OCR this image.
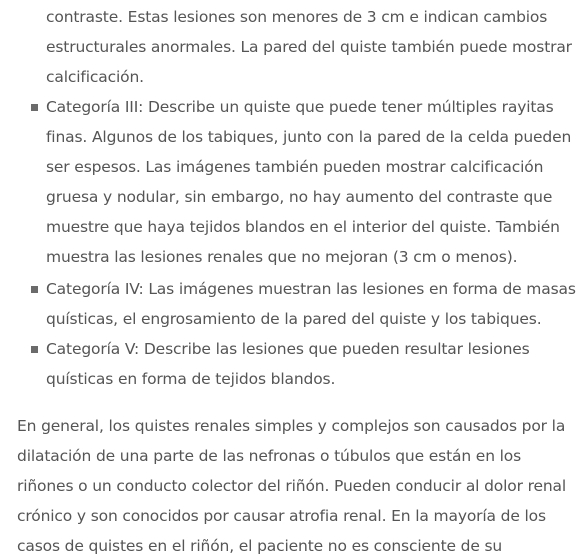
contraste. Estas lesiones son menores de 3 cm e indican cambios
estructurales anormales. La pared del quiste también puede mostrar
calcificación.
Categoría III: Describe un quiste que puede tener múltiples rayitas
finas. Algunos de los tabiques, junto con la pared de la celda pueden
ser espesos. Las imágenes también pueden mostrar calcificación
gruesa y nodular, sin embargo, no hay aumento del contraste que
muestre que haya tejidos blandos en el interior del quiste. También
muestra las lesiones renales que no mejoran (3 cm o menos).
Categoría IV: Las imágenes muestran las lesiones en forma de masas
quísticas, el engrosamiento de la pared del quiste y los tabiques.
Categoría V: Describe las lesiones que pueden resultar lesiones
quísticas en forma de tejidos blandos.
En general, los quistes renales simples y complejos son causados por la
dilatación de una parte de las nefronas o túbulos que están en los
riñones o un conducto colector del riñón. Pueden conducir al dolor renal
crónico y son conocidos por causar atrofia renal. En la mayoría de los
casos de quistes en el riñón, el paciente no es consciente de su
